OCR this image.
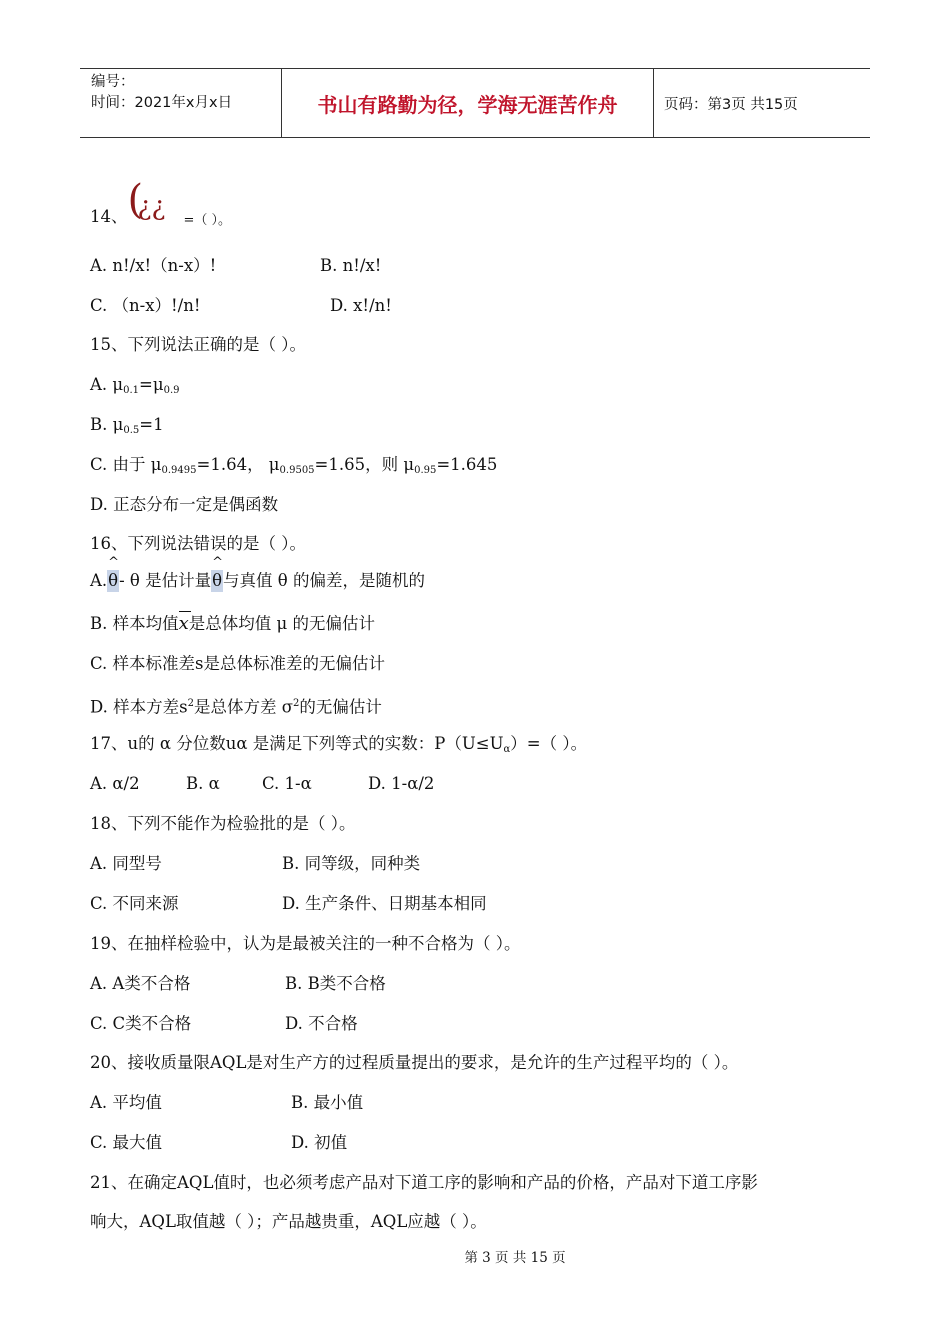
编号：
时间：2021年x月x日	书山有路勤为径，学海无涯苦作舟	页码：第3页 共15页
14、 (
¿¿ =（ ）。
A. n!/x!（n-x）!	B. n!/x!
C. （n-x）!/n!	D. x!/n!
15、下列说法正确的是（ ）。
A. $\mu_{0.1}=\mu_{0.9}$
B. $\mu_{0.5}=1$
C. 由于 $\mu_{0.9495}=1.64$， $\mu_{0.9505}=1.65$，则 $\mu_{0.95}=1.645$
D. 正态分布一定是偶函数
16、下列说法错误的是（ ）。
A.
^
θ- θ 是估计量
^
θ与真值 θ 的偏差，是随机的
B. 样本均值
x是总体均值 μ 的无偏估计
C. 样本标准差s是总体标准差的无偏估计
D. 样本方差$s^2$是总体方差 $\sigma^2$的无偏估计
17、u的 α 分位数uα 是满足下列等式的实数：$P(U\le U_\alpha)=$（ ）。
A. α/2	B. α	C. 1-α	D. 1-α/2
18、下列不能作为检验批的是（ ）。
A. 同型号	B. 同等级，同种类
C. 不同来源	D. 生产条件、日期基本相同
19、在抽样检验中，认为是最被关注的一种不合格为（ ）。
A. A类不合格	B. B类不合格
C. C类不合格	D. 不合格
20、接收质量限AQL是对生产方的过程质量提出的要求，是允许的生产过程平均的（ ）。
A. 平均值	B. 最小值
C. 最大值	D. 初值
21、在确定AQL值时，也必须考虑产品对下道工序的影响和产品的价格，产品对下道工序影
响大，AQL取值越（ ）；产品越贵重，AQL应越（ ）。
第 3 页 共 15 页
